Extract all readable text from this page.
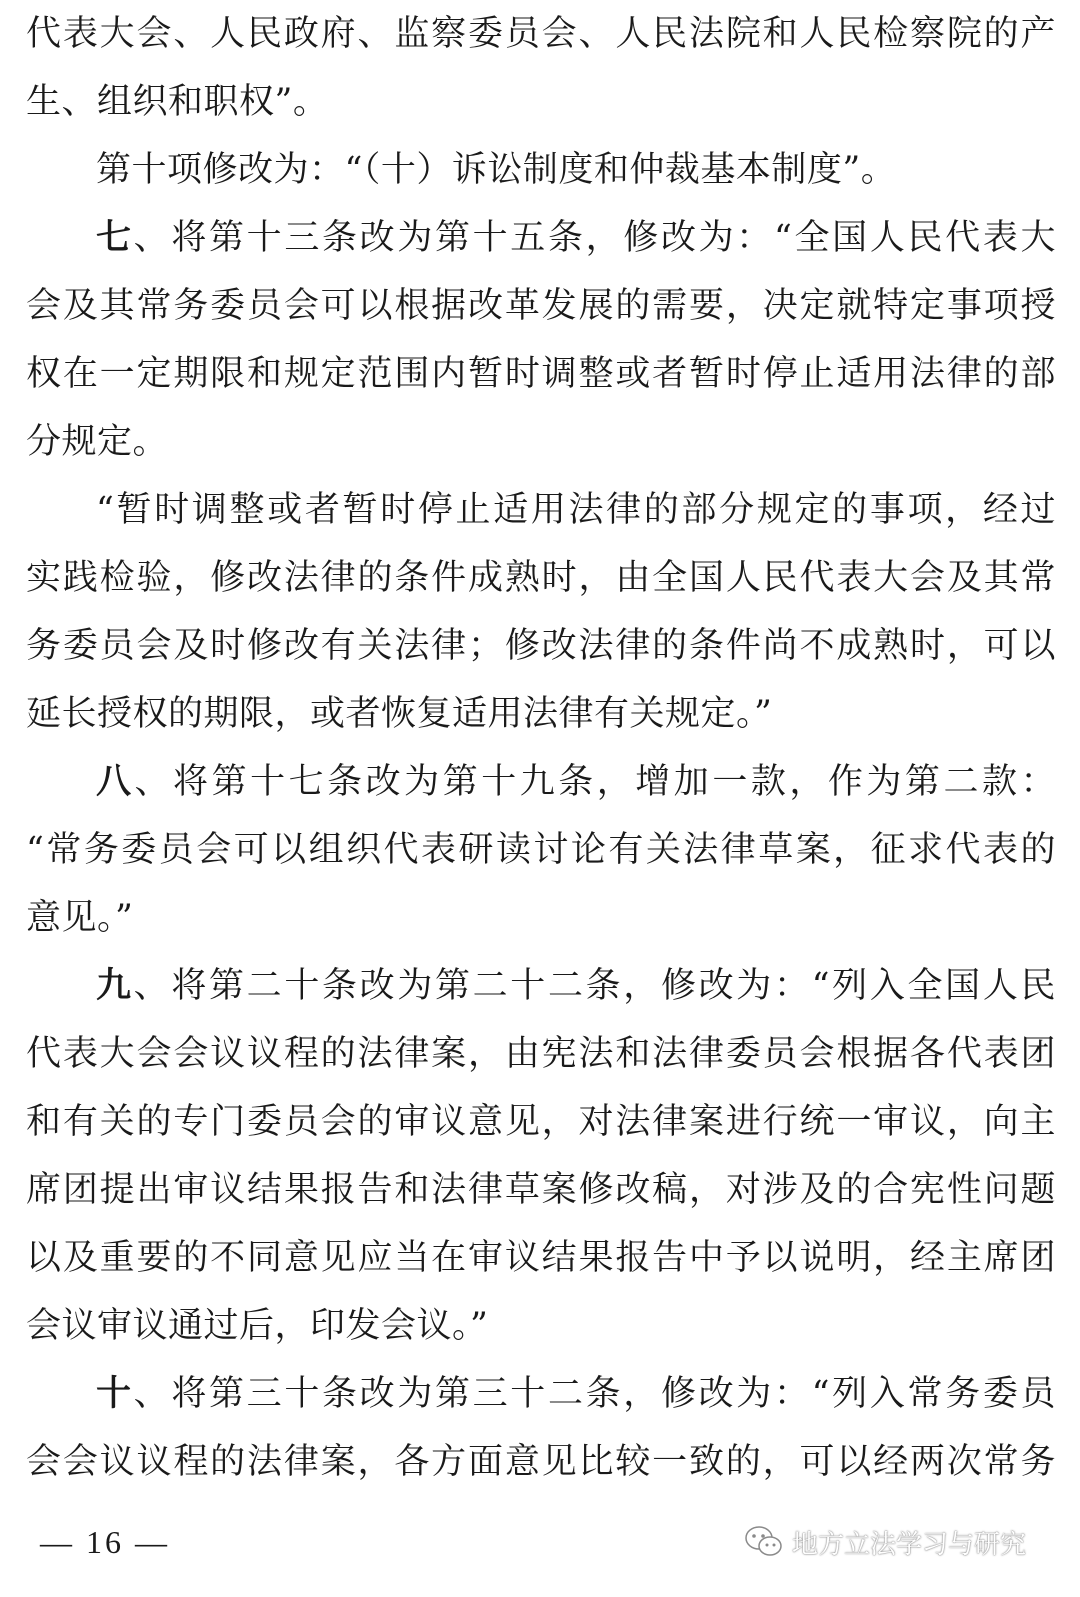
代表大会、人民政府、监察委员会、人民法院和人民检察院的产
生、组织和职权”。
第十项修改为：“（十）诉讼制度和仲裁基本制度”。
七、将第十三条改为第十五条，修改为：“全国人民代表大
会及其常务委员会可以根据改革发展的需要，决定就特定事项授
权在一定期限和规定范围内暂时调整或者暂时停止适用法律的部
分规定。
“暂时调整或者暂时停止适用法律的部分规定的事项，经过
实践检验，修改法律的条件成熟时，由全国人民代表大会及其常
务委员会及时修改有关法律；修改法律的条件尚不成熟时，可以
延长授权的期限，或者恢复适用法律有关规定。”
八、将第十七条改为第十九条，增加一款，作为第二款：
“常务委员会可以组织代表研读讨论有关法律草案，征求代表的
意见。”
九、将第二十条改为第二十二条，修改为：“列入全国人民
代表大会会议议程的法律案，由宪法和法律委员会根据各代表团
和有关的专门委员会的审议意见，对法律案进行统一审议，向主
席团提出审议结果报告和法律草案修改稿，对涉及的合宪性问题
以及重要的不同意见应当在审议结果报告中予以说明，经主席团
会议审议通过后，印发会议。”
十、将第三十条改为第三十二条，修改为：“列入常务委员
会会议议程的法律案，各方面意见比较一致的，可以经两次常务
— 16 —	地方立法学习与研究
